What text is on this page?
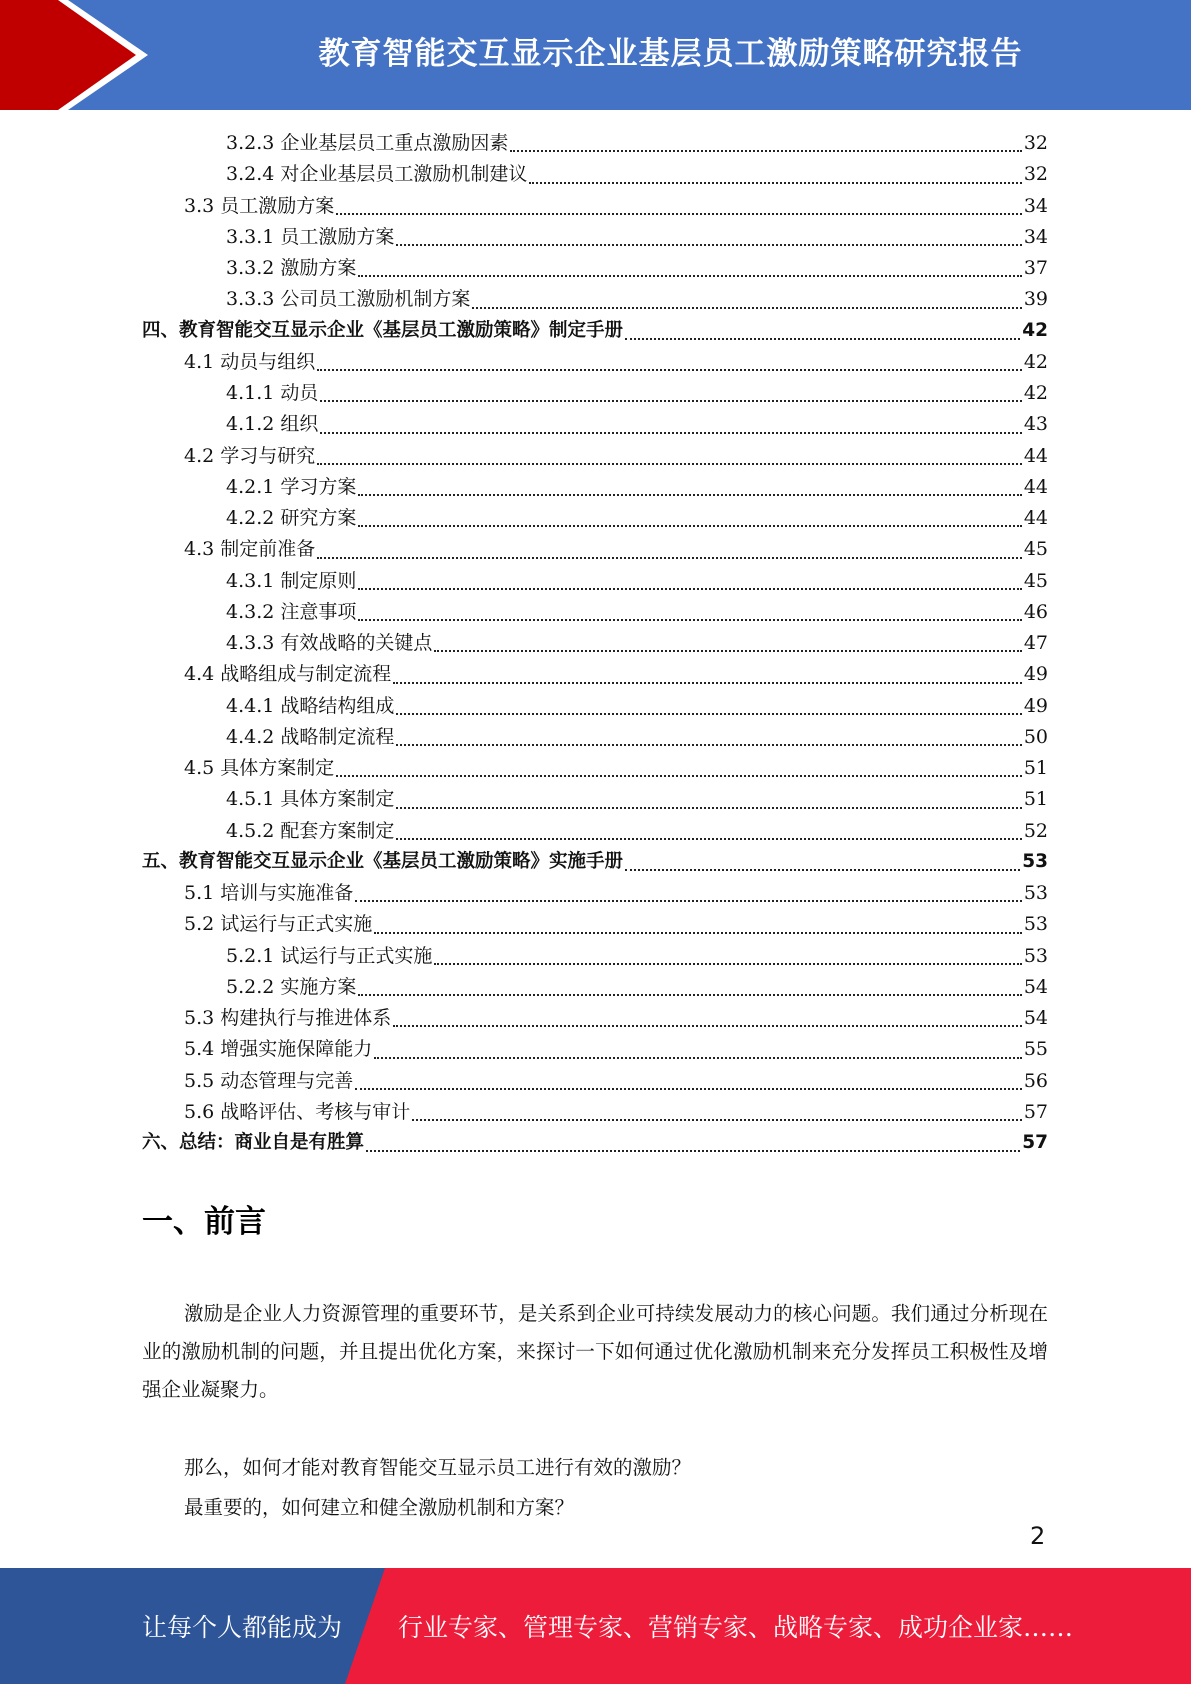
教育智能交互显示企业基层员工激励策略研究报告
3.2.3 企业基层员工重点激励因素	32
3.2.4 对企业基层员工激励机制建议	32
3.3 员工激励方案	34
3.3.1 员工激励方案	34
3.3.2 激励方案	37
3.3.3 公司员工激励机制方案	39
四、 教育智能交互显示企业《基层员工激励策略》制定手册	42
4.1 动员与组织	42
4.1.1 动员	42
4.1.2 组织	43
4.2 学习与研究	44
4.2.1 学习方案	44
4.2.2 研究方案	44
4.3 制定前准备	45
4.3.1 制定原则	45
4.3.2 注意事项	46
4.3.3 有效战略的关键点	47
4.4 战略组成与制定流程	49
4.4.1 战略结构组成	49
4.4.2 战略制定流程	50
4.5 具体方案制定	51
4.5.1 具体方案制定	51
4.5.2 配套方案制定	52
五、 教育智能交互显示企业《基层员工激励策略》实施手册	53
5.1 培训与实施准备	53
5.2 试运行与正式实施	53
5.2.1 试运行与正式实施	53
5.2.2 实施方案	54
5.3 构建执行与推进体系	54
5.4 增强实施保障能力	55
5.5 动态管理与完善	56
5.6 战略评估、考核与审计	57
六、 总结：商业自是有胜算	57
一、前言
激励是企业人力资源管理的重要环节，是关系到企业可持续发展动力的核心问题。我们通过分析现在业的激励机制的问题，并且提出优化方案，来探讨一下如何通过优化激励机制来充分发挥员工积极性及增强企业凝聚力。
那么，如何才能对教育智能交互显示员工进行有效的激励？
最重要的，如何建立和健全激励机制和方案？
2
让每个人都能成为 行业专家、管理专家、营销专家、战略专家、成功企业家……
